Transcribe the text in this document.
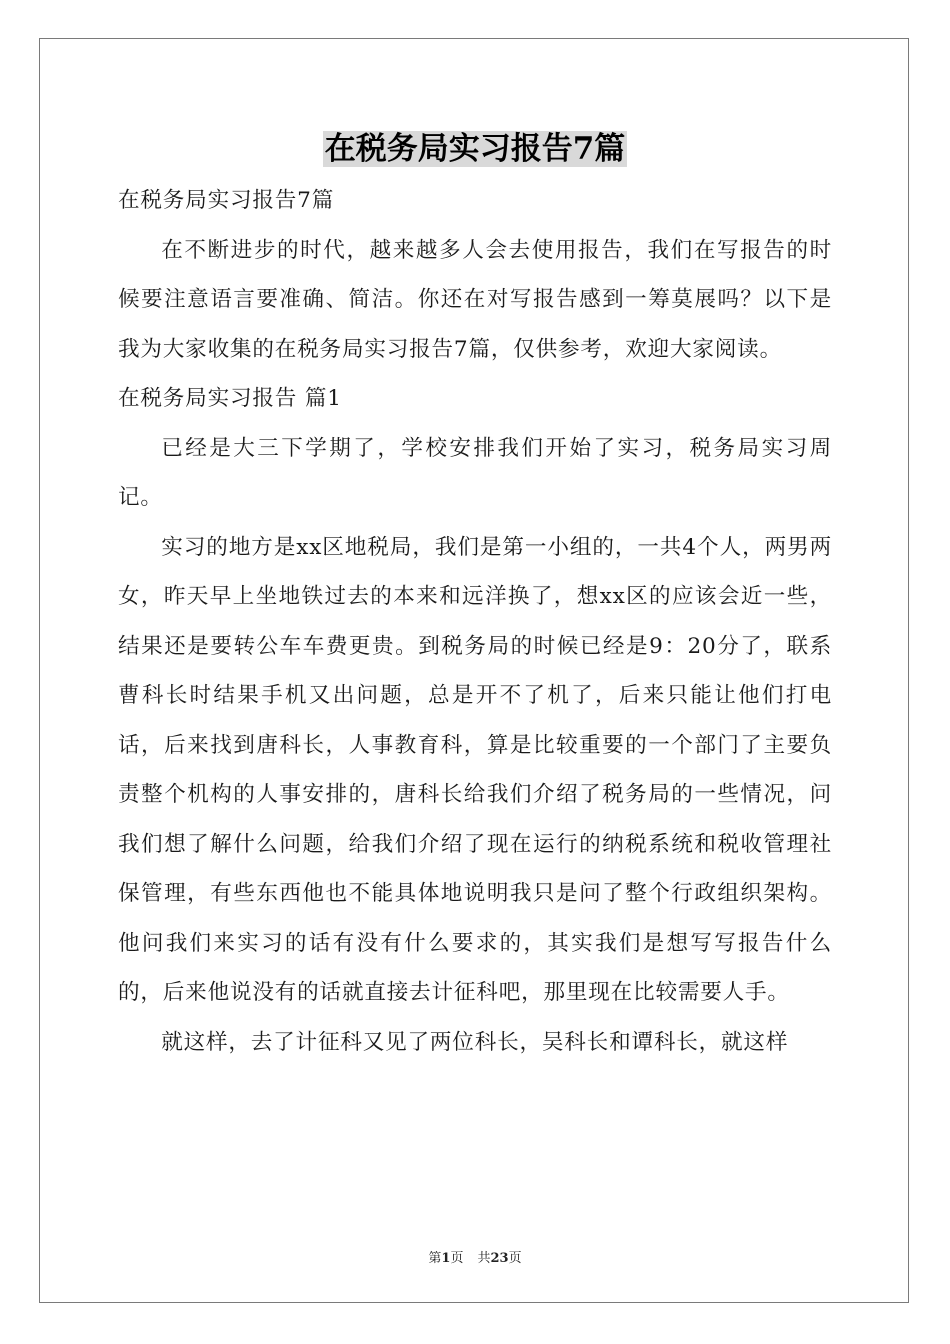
在税务局实习报告7篇

在税务局实习报告7篇

在不断进步的时代，越来越多人会去使用报告，我们在写报告的时候要注意语言要准确、简洁。你还在对写报告感到一筹莫展吗？以下是我为大家收集的在税务局实习报告7篇，仅供参考，欢迎大家阅读。

在税务局实习报告 篇1

已经是大三下学期了，学校安排我们开始了实习，税务局实习周记。

实习的地方是xx区地税局，我们是第一小组的，一共4个人，两男两女，昨天早上坐地铁过去的本来和远洋换了，想xx区的应该会近一些，结果还是要转公车车费更贵。到税务局的时候已经是9：20分了，联系曹科长时结果手机又出问题，总是开不了机了，后来只能让他们打电话，后来找到唐科长，人事教育科，算是比较重要的一个部门了主要负责整个机构的人事安排的，唐科长给我们介绍了税务局的一些情况，问我们想了解什么问题，给我们介绍了现在运行的纳税系统和税收管理社保管理，有些东西他也不能具体地说明我只是问了整个行政组织架构。他问我们来实习的话有没有什么要求的，其实我们是想写写报告什么的，后来他说没有的话就直接去计征科吧，那里现在比较需要人手。

就这样，去了计征科又见了两位科长，吴科长和谭科长，就这样

第1页 共23页
